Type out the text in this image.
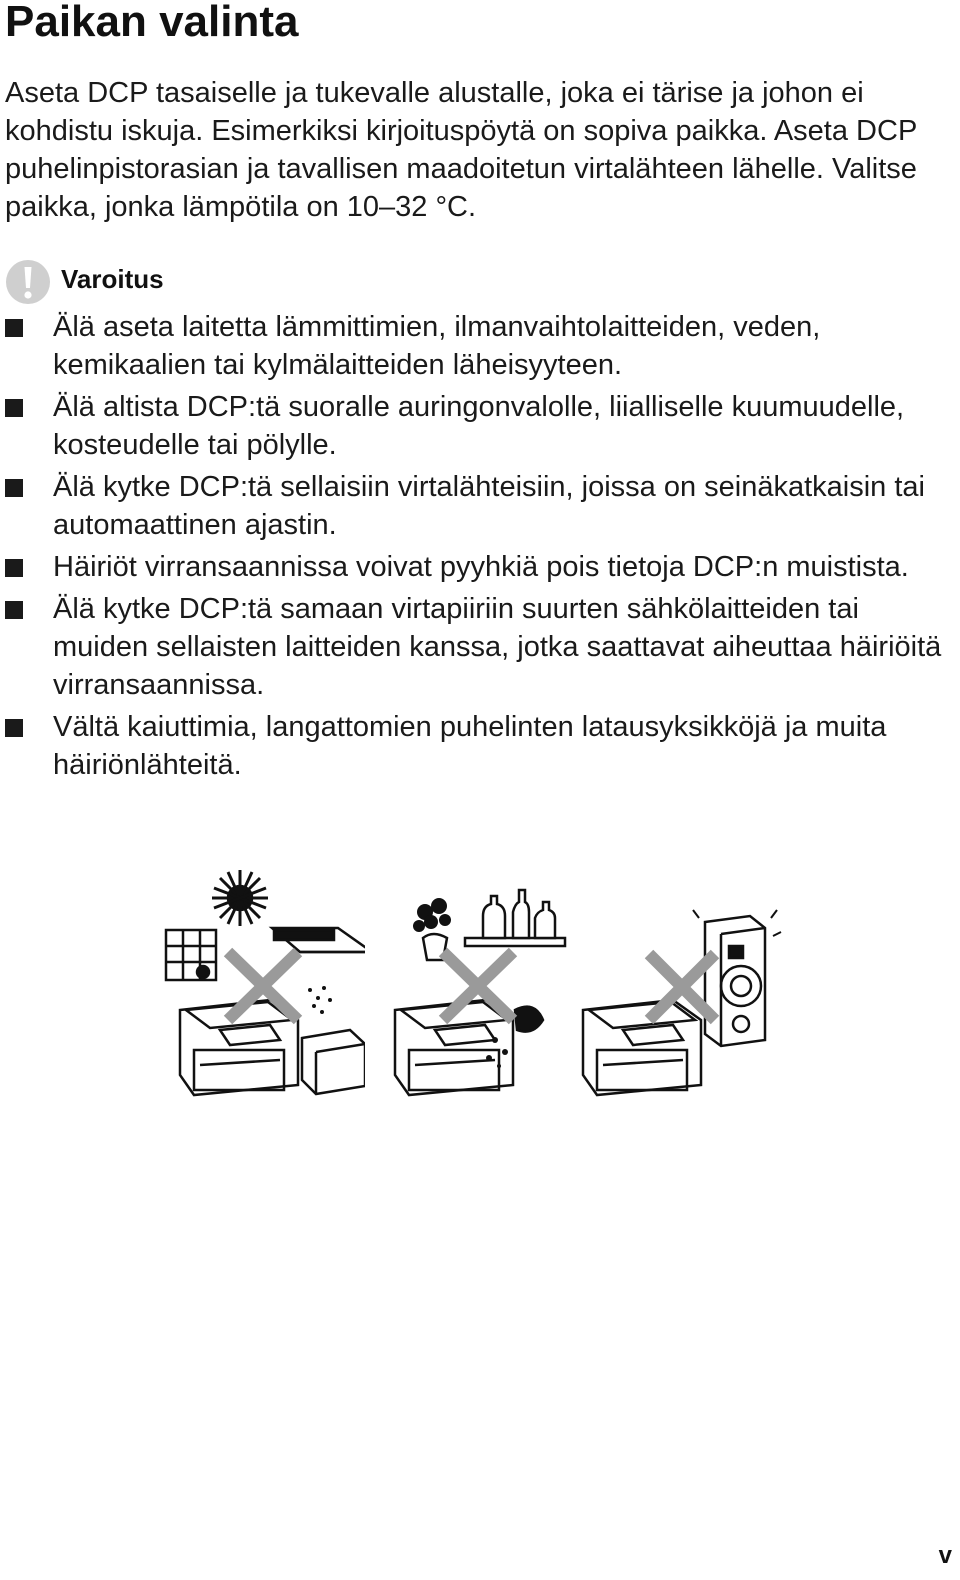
Paikan valinta

Aseta DCP tasaiselle ja tukevalle alustalle, joka ei tärise ja johon ei kohdistu iskuja. Esimerkiksi kirjoituspöytä on sopiva paikka. Aseta DCP puhelinpistorasian ja tavallisen maadoitetun virtalähteen lähelle. Valitse paikka, jonka lämpötila on 10–32 °C.

Varoitus
Älä aseta laitetta lämmittimien, ilmanvaihtolaitteiden, veden, kemikaalien tai kylmälaitteiden läheisyyteen.
Älä altista DCP:tä suoralle auringonvalolle, liialliselle kuumuudelle, kosteudelle tai pölylle.
Älä kytke DCP:tä sellaisiin virtalähteisiin, joissa on seinäkatkaisin tai automaattinen ajastin.
Häiriöt virransaannissa voivat pyyhkiä pois tietoja DCP:n muistista.
Älä kytke DCP:tä samaan virtapiiriin suurten sähkölaitteiden tai muiden sellaisten laitteiden kanssa, jotka saattavat aiheuttaa häiriöitä virransaannissa.
Vältä kaiuttimia, langattomien puhelinten latausyksikköjä ja muita häiriönlähteitä.
v
